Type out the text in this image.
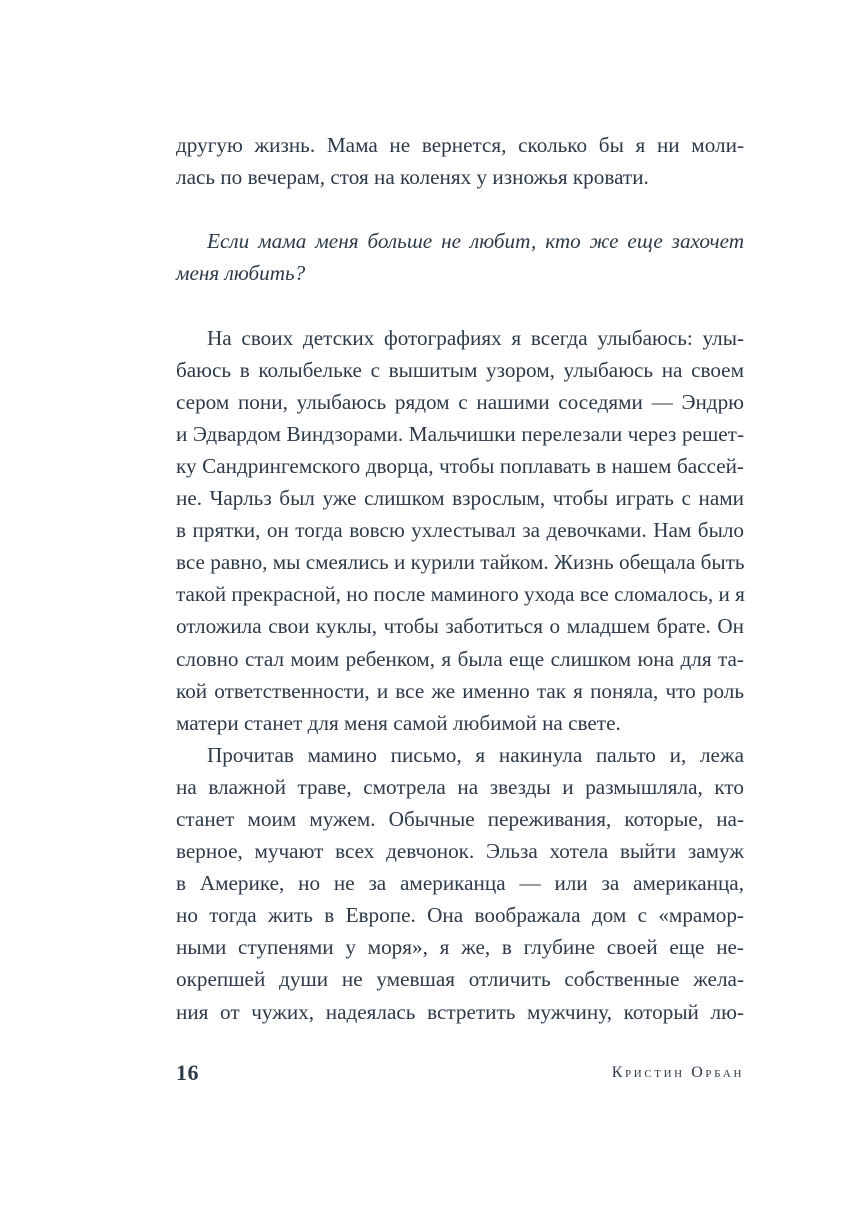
другую жизнь. Мама не вернется, сколько бы я ни моли-
лась по вечерам, стоя на коленях у изножья кровати.
Если мама меня больше не любит, кто же еще захочет
меня любить?
На своих детских фотографиях я всегда улыбаюсь: улы-
баюсь в колыбельке с вышитым узором, улыбаюсь на своем
сером пони, улыбаюсь рядом с нашими соседями — Эндрю
и Эдвардом Виндзорами. Мальчишки перелезали через решет-
ку Сандрингемского дворца, чтобы поплавать в нашем бассей-
не. Чарльз был уже слишком взрослым, чтобы играть с нами
в прятки, он тогда вовсю ухлестывал за девочками. Нам было
все равно, мы смеялись и курили тайком. Жизнь обещала быть
такой прекрасной, но после маминого ухода все сломалось, и я
отложила свои куклы, чтобы заботиться о младшем брате. Он
словно стал моим ребенком, я была еще слишком юна для та-
кой ответственности, и все же именно так я поняла, что роль
матери станет для меня самой любимой на свете.
Прочитав мамино письмо, я накинула пальто и, лежа
на влажной траве, смотрела на звезды и размышляла, кто
станет моим мужем. Обычные переживания, которые, на-
верное, мучают всех девчонок. Эльза хотела выйти замуж
в Америке, но не за американца — или за американца,
но тогда жить в Европе. Она воображала дом с «мрамор-
ными ступенями у моря», я же, в глубине своей еще не-
окрепшей души не умевшая отличить собственные жела-
ния от чужих, надеялась встретить мужчину, который лю-
16	Кристин Орбан
